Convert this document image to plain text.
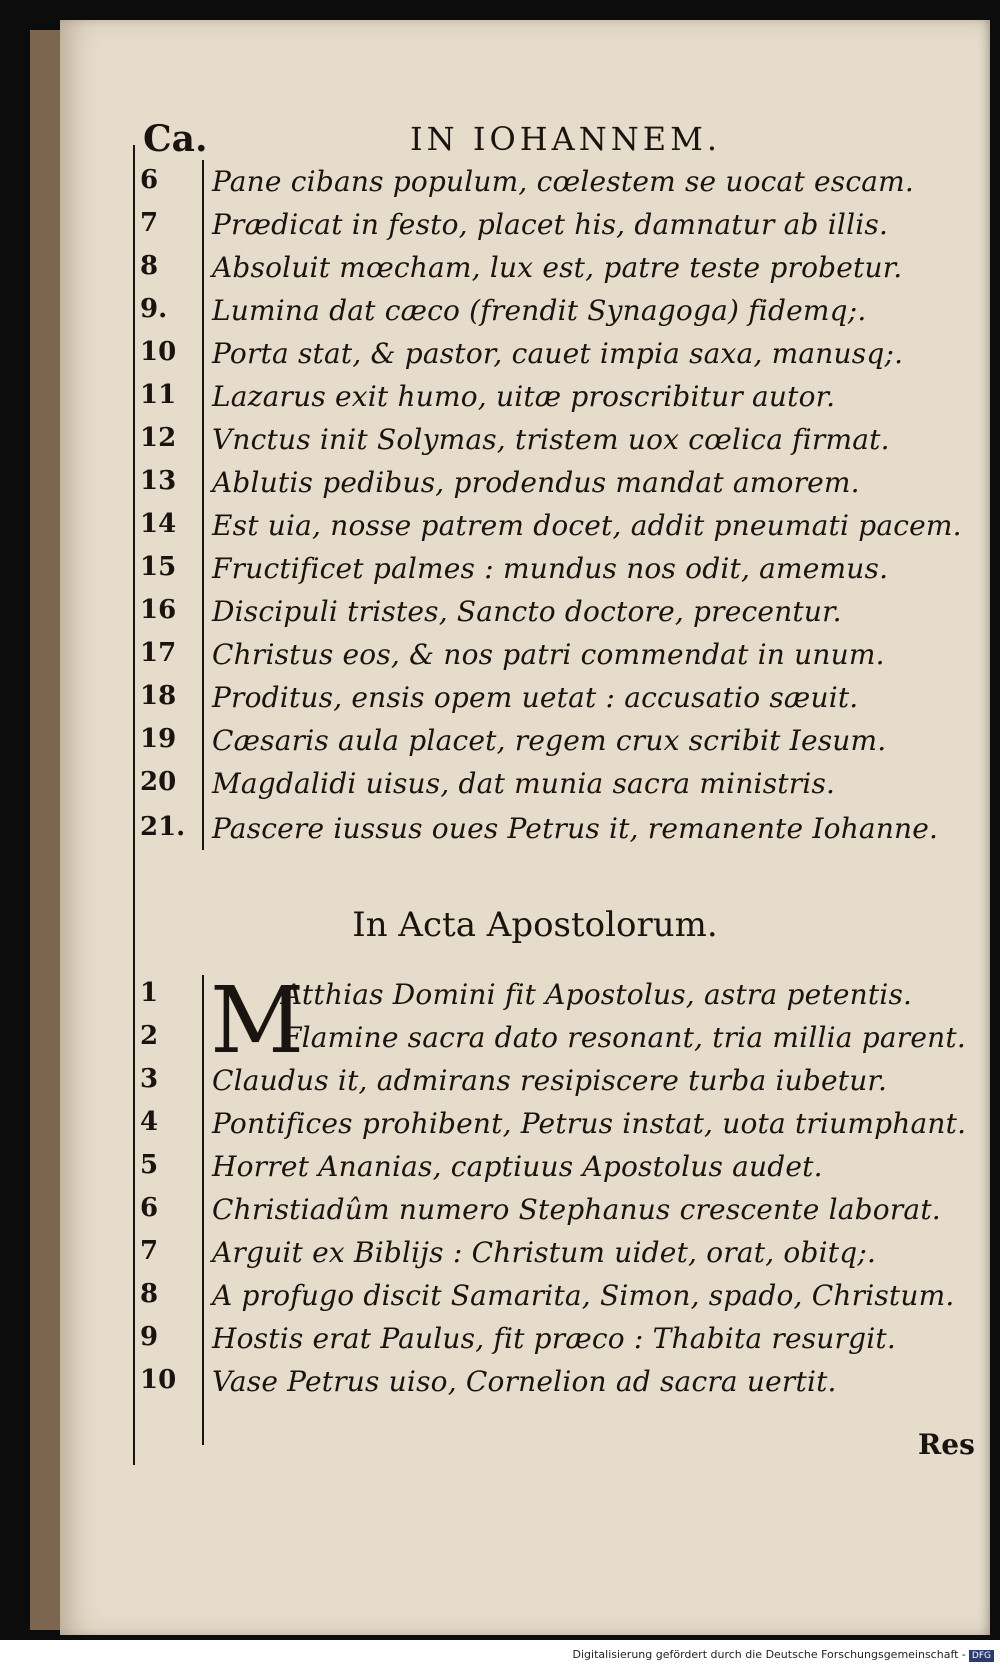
Ca.	IN IOHANNEM.
6	Pane cibans populum, cœlestem se uocat escam.
7	Prædicat in festo, placet his, damnatur ab illis.
8	Absoluit mœcham, lux est, patre teste probetur.
9.	Lumina dat cæco (frendit Synagoga) fidemq;.
10	Porta stat, & pastor, cauet impia saxa, manusq;.
11	Lazarus exit humo, uitæ proscribitur autor.
12	Vnctus init Solymas, tristem uox cœlica firmat.
13	Ablutis pedibus, prodendus mandat amorem.
14	Est uia, nosse patrem docet, addit pneumati pacem.
15	Fructificet palmes : mundus nos odit, amemus.
16	Discipuli tristes, Sancto doctore, precentur.
17	Christus eos, & nos patri commendat in unum.
18	Proditus, ensis opem uetat : accusatio sæuit.
19	Cæsaris aula placet, regem crux scribit Iesum.
20	Magdalidi uisus, dat munia sacra ministris.
21. Pascere iussus oues Petrus it, remanente Iohanne.
In Acta Apostolorum.
1	Atthias Domini fit Apostolus, astra petentis.
2	Flamine sacra dato resonant, tria millia parent.
M
3	Claudus it, admirans resipiscere turba iubetur.
4	Pontifices prohibent, Petrus instat, uota triumphant.
5	Horret Ananias, captiuus Apostolus audet.
6	Christiadûm numero Stephanus crescente laborat.
7	Arguit ex Biblijs : Christum uidet, orat, obitq;.
8	A profugo discit Samarita, Simon, spado, Christum.
9	Hostis erat Paulus, fit præco : Thabita resurgit.
10	Vase Petrus uiso, Cornelion ad sacra uertit.
Res
Digitalisierung gefördert durch die Deutsche Forschungsgemeinschaft - DFG
